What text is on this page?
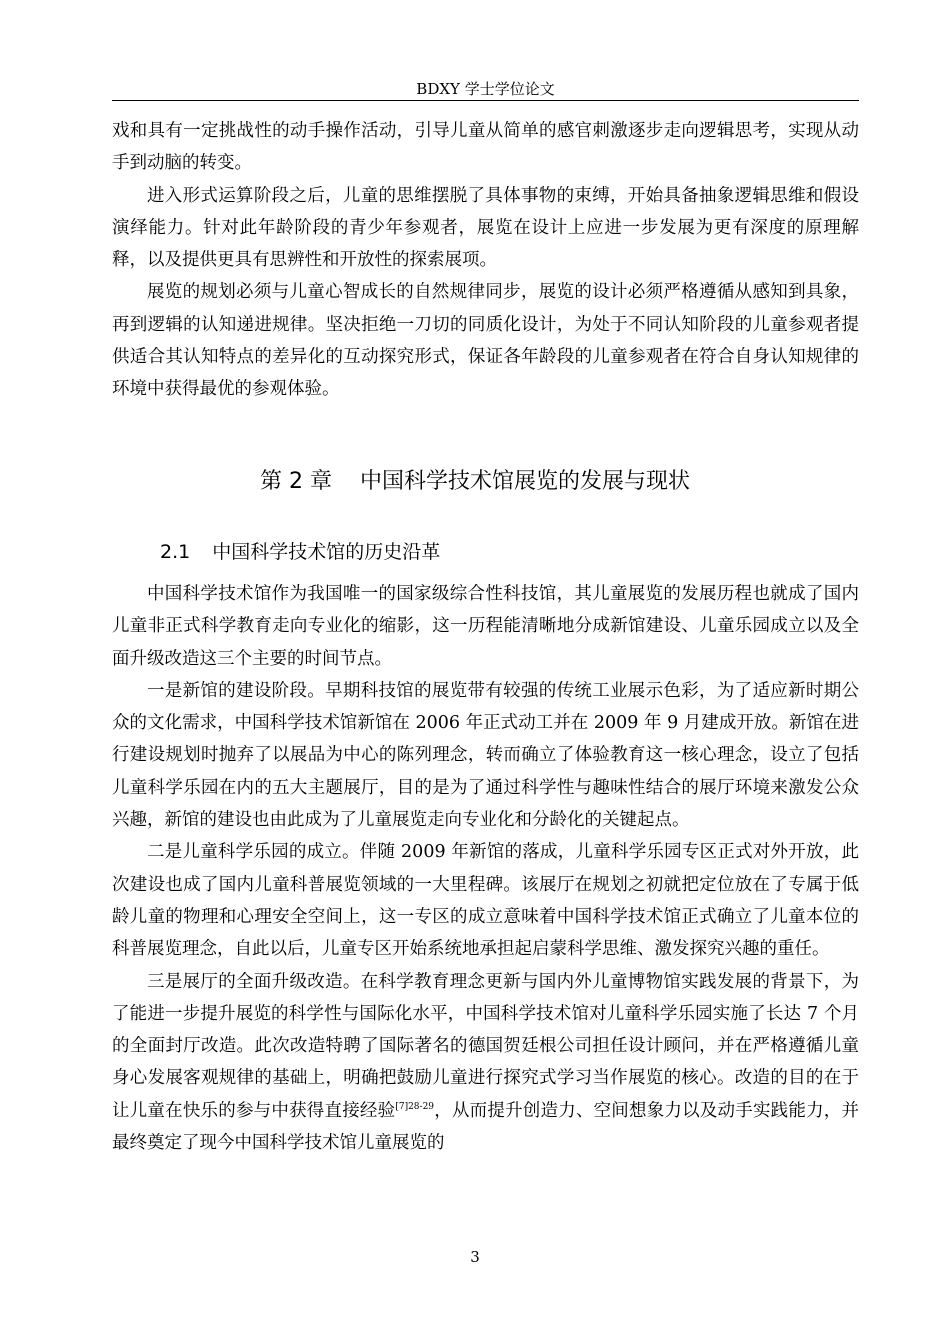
BDXY 学士学位论文

戏和具有一定挑战性的动手操作活动，引导儿童从简单的感官刺激逐步走向逻辑思考，实现从动手到动脑的转变。

进入形式运算阶段之后，儿童的思维摆脱了具体事物的束缚，开始具备抽象逻辑思维和假设演绎能力。针对此年龄阶段的青少年参观者，展览在设计上应进一步发展为更有深度的原理解释，以及提供更具有思辨性和开放性的探索展项。

展览的规划必须与儿童心智成长的自然规律同步，展览的设计必须严格遵循从感知到具象，再到逻辑的认知递进规律。坚决拒绝一刀切的同质化设计，为处于不同认知阶段的儿童参观者提供适合其认知特点的差异化的互动探究形式，保证各年龄段的儿童参观者在符合自身认知规律的环境中获得最优的参观体验。

第 2 章 中国科学技术馆展览的发展与现状
2.1 中国科学技术馆的历史沿革

中国科学技术馆作为我国唯一的国家级综合性科技馆，其儿童展览的发展历程也就成了国内儿童非正式科学教育走向专业化的缩影，这一历程能清晰地分成新馆建设、儿童乐园成立以及全面升级改造这三个主要的时间节点。

一是新馆的建设阶段。早期科技馆的展览带有较强的传统工业展示色彩，为了适应新时期公众的文化需求，中国科学技术馆新馆在 2006 年正式动工并在 2009 年 9 月建成开放。新馆在进行建设规划时抛弃了以展品为中心的陈列理念，转而确立了体验教育这一核心理念，设立了包括儿童科学乐园在内的五大主题展厅，目的是为了通过科学性与趣味性结合的展厅环境来激发公众兴趣，新馆的建设也由此成为了儿童展览走向专业化和分龄化的关键起点。

二是儿童科学乐园的成立。伴随 2009 年新馆的落成，儿童科学乐园专区正式对外开放，此次建设也成了国内儿童科普展览领域的一大里程碑。该展厅在规划之初就把定位放在了专属于低龄儿童的物理和心理安全空间上，这一专区的成立意味着中国科学技术馆正式确立了儿童本位的科普展览理念，自此以后，儿童专区开始系统地承担起启蒙科学思维、激发探究兴趣的重任。

三是展厅的全面升级改造。在科学教育理念更新与国内外儿童博物馆实践发展的背景下，为了能进一步提升展览的科学性与国际化水平，中国科学技术馆对儿童科学乐园实施了长达 7 个月的全面封厅改造。此次改造特聘了国际著名的德国贺廷根公司担任设计顾问，并在严格遵循儿童身心发展客观规律的基础上，明确把鼓励儿童进行探究式学习当作展览的核心。改造的目的在于让儿童在快乐的参与中获得直接经验$^{[7]28-29}$，从而提升创造力、空间想象力以及动手实践能力，并最终奠定了现今中国科学技术馆儿童展览的

3
